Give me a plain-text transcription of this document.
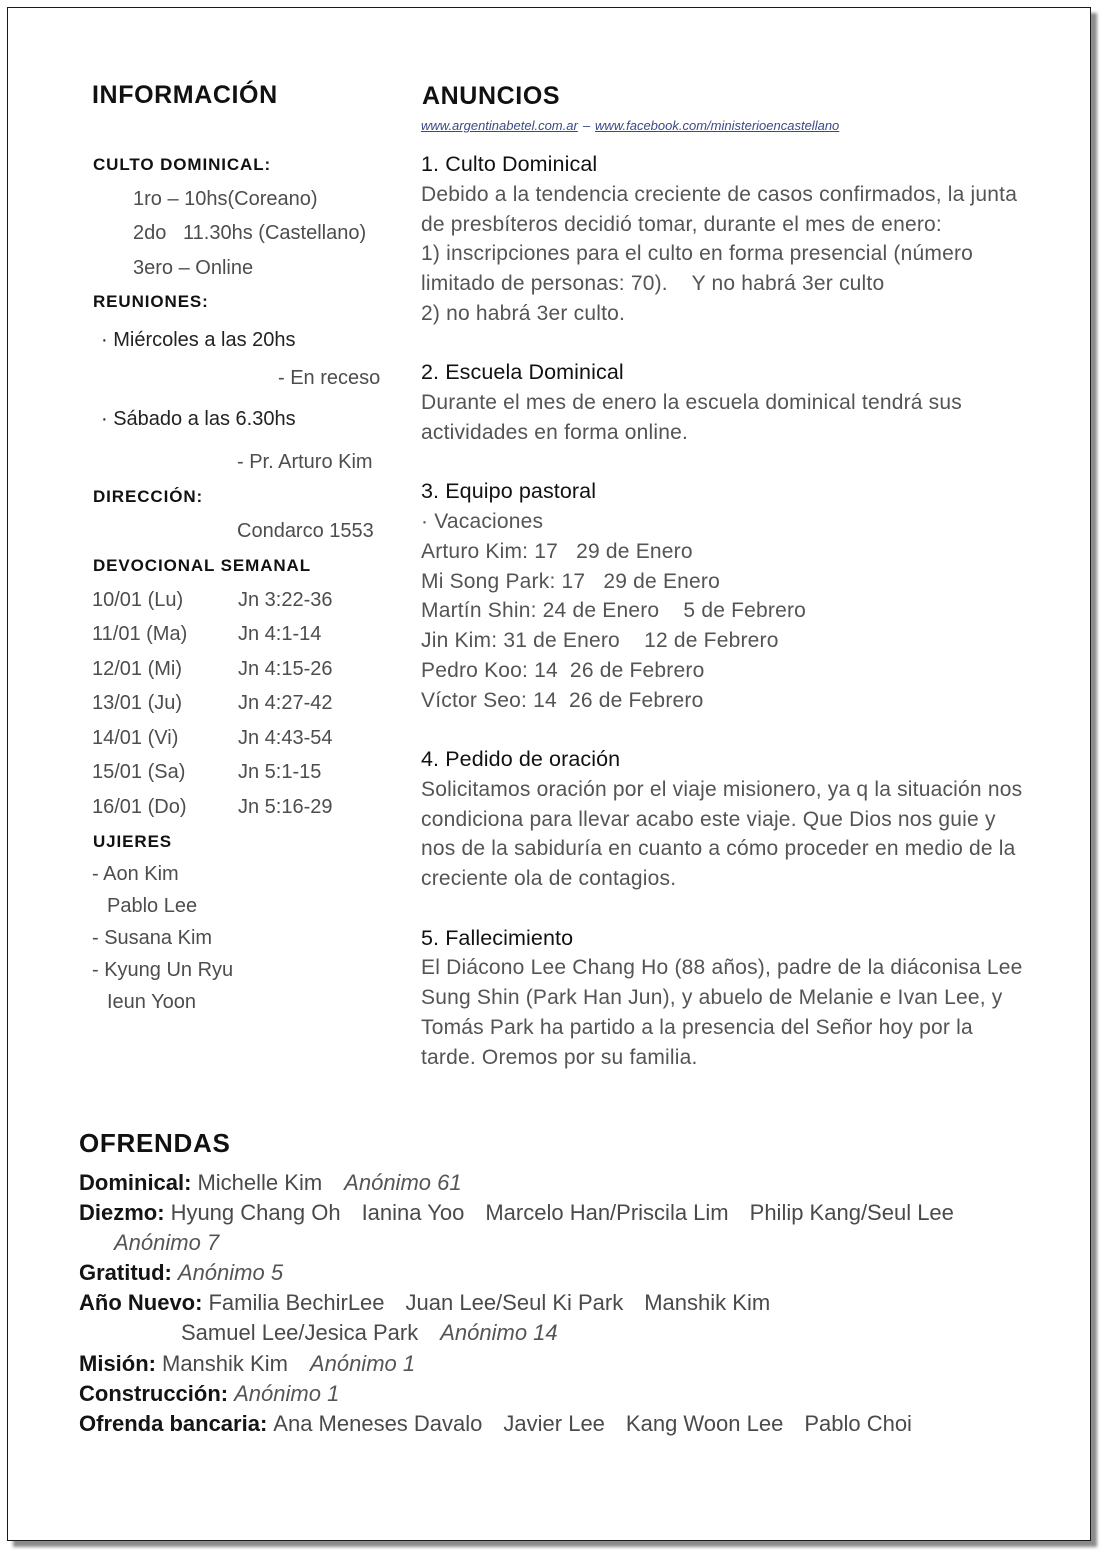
INFORMACIÓN
CULTO DOMINICAL:
1ro – 10hs(Coreano)
2do   11.30hs (Castellano)
3ero – Online
REUNIONES:
· Miércoles a las 20hs
- En receso
· Sábado a las 6.30hs
- Pr. Arturo Kim
DIRECCIÓN:
Condarco 1553
DEVOCIONAL SEMANAL
10/01 (Lu)	Jn 3:22-36
11/01 (Ma)	Jn 4:1-14
12/01 (Mi)	Jn 4:15-26
13/01 (Ju)	Jn 4:27-42
14/01 (Vi)	Jn 4:43-54
15/01 (Sa)	Jn 5:1-15
16/01 (Do)	Jn 5:16-29
UJIERES
- Aon Kim
Pablo Lee
- Susana Kim
- Kyung Un Ryu
Ieun Yoon
ANUNCIOS
www.argentinabetel.com.ar – www.facebook.com/ministerioencastellano
1. Culto Dominical
Debido a la tendencia creciente de casos confirmados, la junta
de presbíteros decidió tomar, durante el mes de enero:
1) inscripciones para el culto en forma presencial (número
limitado de personas: 70).    Y no habrá 3er culto
2) no habrá 3er culto.
2. Escuela Dominical
Durante el mes de enero la escuela dominical tendrá sus
actividades en forma online.
3. Equipo pastoral
· Vacaciones
Arturo Kim: 17   29 de Enero
Mi Song Park: 17   29 de Enero
Martín Shin: 24 de Enero    5 de Febrero
Jin Kim: 31 de Enero    12 de Febrero
Pedro Koo: 14  26 de Febrero
Víctor Seo: 14  26 de Febrero
4. Pedido de oración
Solicitamos oración por el viaje misionero, ya q la situación nos
condiciona para llevar acabo este viaje. Que Dios nos guie y
nos de la sabiduría en cuanto a cómo proceder en medio de la
creciente ola de contagios.
5. Fallecimiento
El Diácono Lee Chang Ho (88 años), padre de la diáconisa Lee
Sung Shin (Park Han Jun), y abuelo de Melanie e Ivan Lee, y
Tomás Park ha partido a la presencia del Señor hoy por la
tarde. Oremos por su familia.
OFRENDAS
Dominical: Michelle Kim Anónimo 61
Diezmo: Hyung Chang Oh Ianina Yoo Marcelo Han/Priscila Lim Philip Kang/Seul Lee
Anónimo 7
Gratitud: Anónimo 5
Año Nuevo: Familia BechirLee Juan Lee/Seul Ki Park Manshik Kim
Samuel Lee/Jesica Park Anónimo 14
Misión: Manshik Kim Anónimo 1
Construcción: Anónimo 1
Ofrenda bancaria: Ana Meneses Davalo Javier Lee Kang Woon Lee Pablo Choi
